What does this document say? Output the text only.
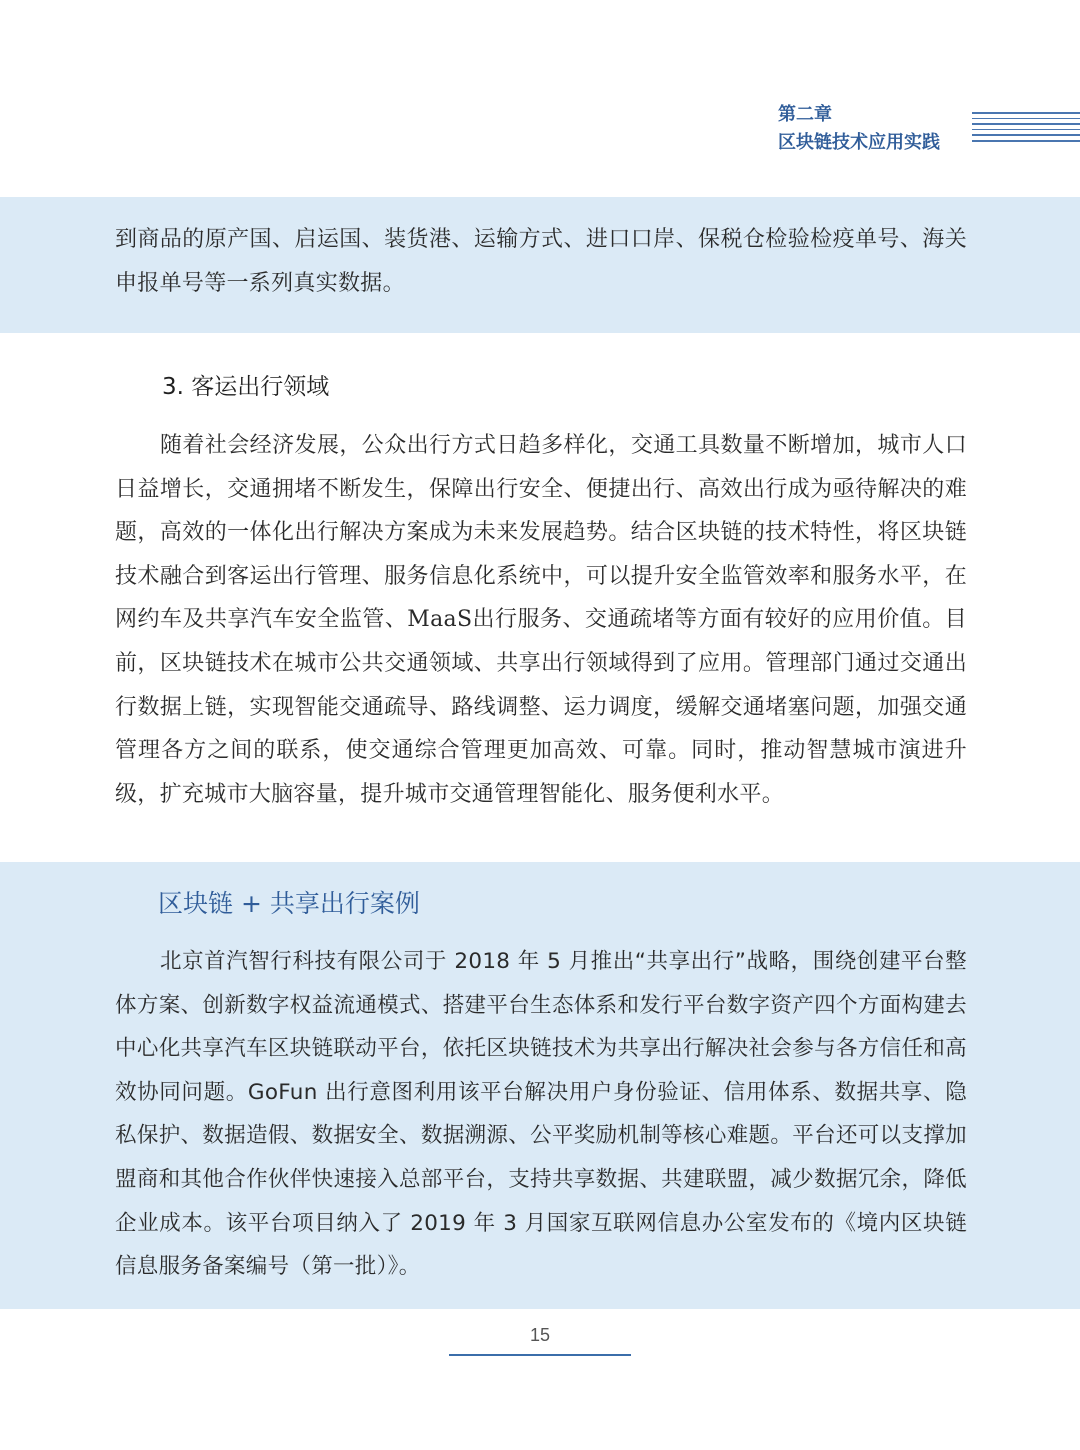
第二章
区块链技术应用实践
到商品的原产国、启运国、装货港、运输方式、进口口岸、保税仓检验检疫单号、海关申报单号等一系列真实数据。
3. 客运出行领域
随着社会经济发展，公众出行方式日趋多样化，交通工具数量不断增加，城市人口日益增长，交通拥堵不断发生，保障出行安全、便捷出行、高效出行成为亟待解决的难题，高效的一体化出行解决方案成为未来发展趋势。结合区块链的技术特性，将区块链技术融合到客运出行管理、服务信息化系统中，可以提升安全监管效率和服务水平，在网约车及共享汽车安全监管、MaaS出行服务、交通疏堵等方面有较好的应用价值。目前，区块链技术在城市公共交通领域、共享出行领域得到了应用。管理部门通过交通出行数据上链，实现智能交通疏导、路线调整、运力调度，缓解交通堵塞问题，加强交通管理各方之间的联系，使交通综合管理更加高效、可靠。同时，推动智慧城市演进升级，扩充城市大脑容量，提升城市交通管理智能化、服务便利水平。
区块链 + 共享出行案例
北京首汽智行科技有限公司于 2018 年 5 月推出“共享出行”战略，围绕创建平台整体方案、创新数字权益流通模式、搭建平台生态体系和发行平台数字资产四个方面构建去中心化共享汽车区块链联动平台，依托区块链技术为共享出行解决社会参与各方信任和高效协同问题。GoFun 出行意图利用该平台解决用户身份验证、信用体系、数据共享、隐私保护、数据造假、数据安全、数据溯源、公平奖励机制等核心难题。平台还可以支撑加盟商和其他合作伙伴快速接入总部平台，支持共享数据、共建联盟，减少数据冗余，降低企业成本。该平台项目纳入了 2019 年 3 月国家互联网信息办公室发布的《境内区块链信息服务备案编号（第一批）》。
15
